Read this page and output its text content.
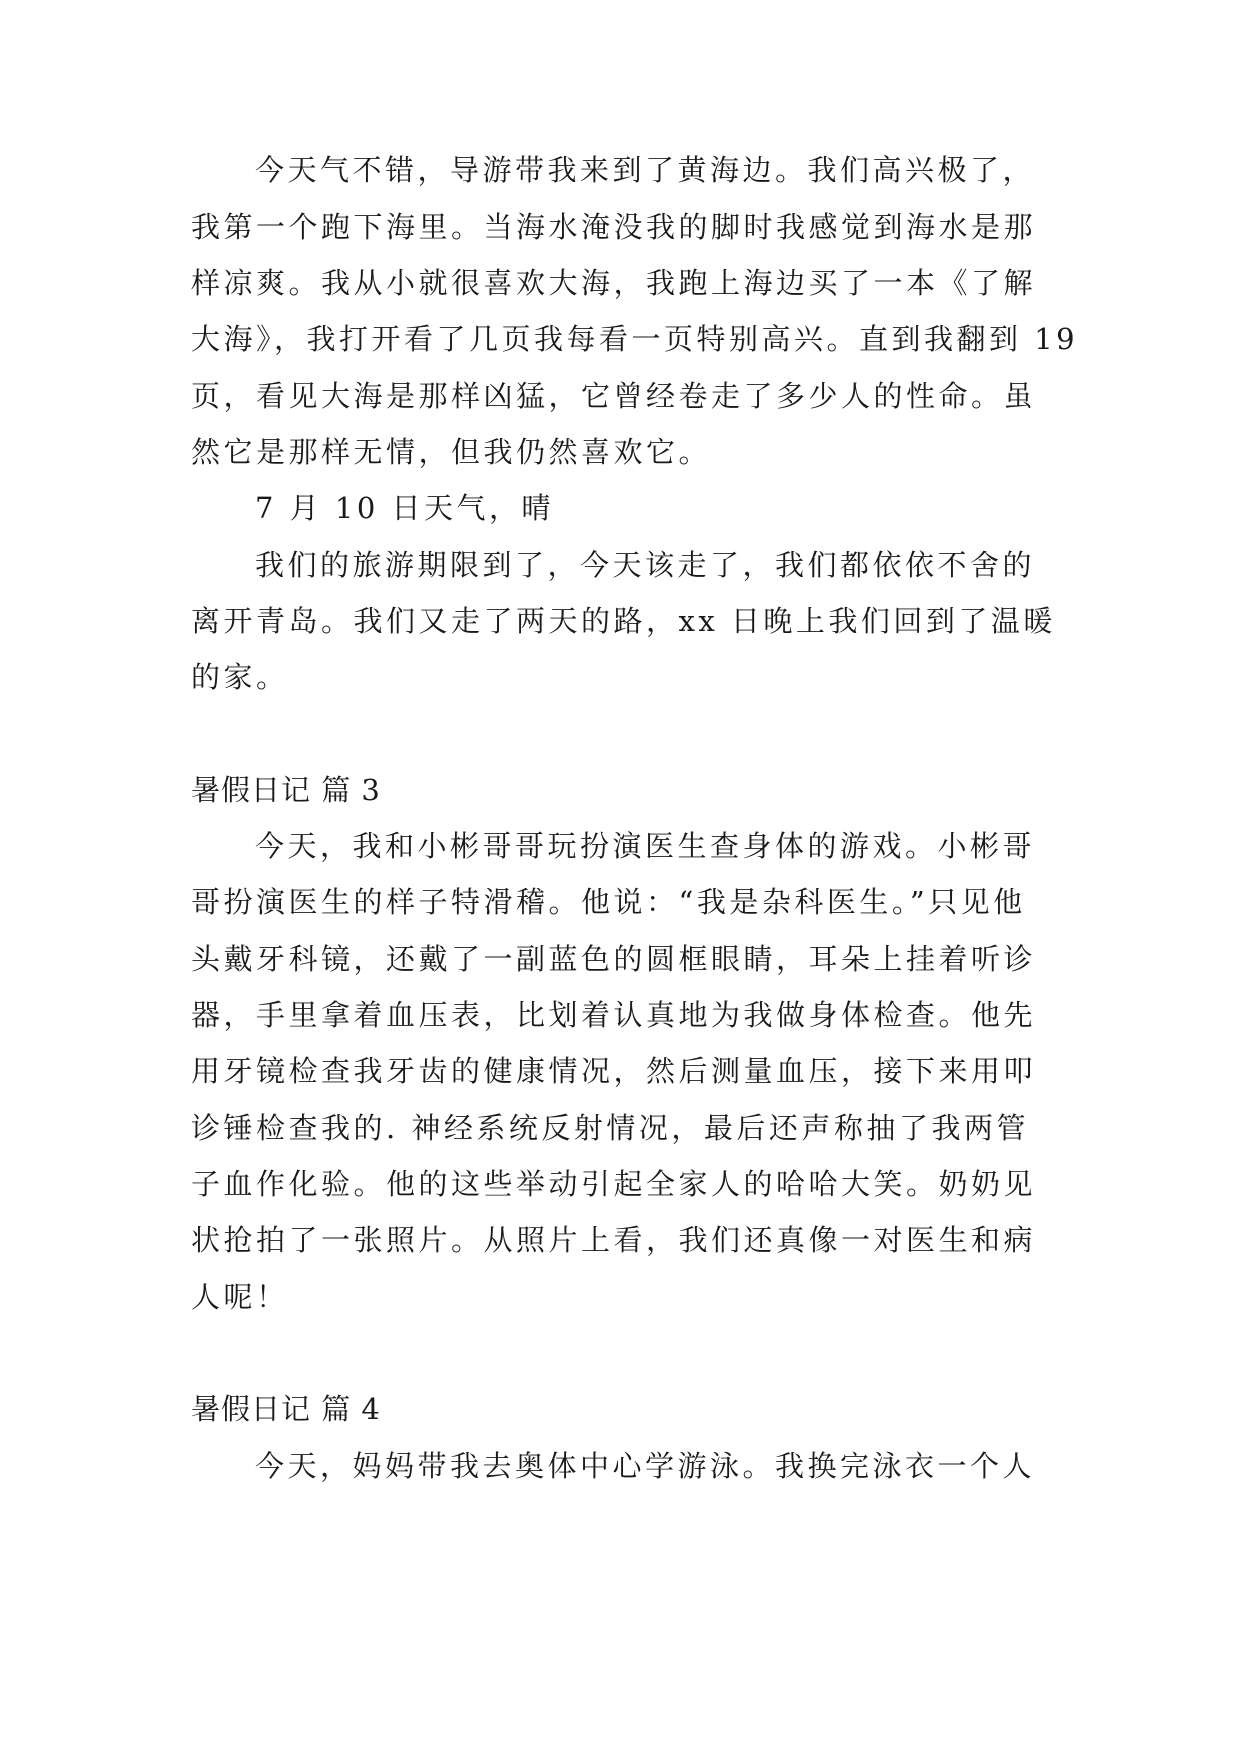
今天气不错，导游带我来到了黄海边。我们高兴极了，
我第一个跑下海里。当海水淹没我的脚时我感觉到海水是那
样凉爽。我从小就很喜欢大海，我跑上海边买了一本《了解
大海》，我打开看了几页我每看一页特别高兴。直到我翻到 19
页，看见大海是那样凶猛，它曾经卷走了多少人的性命。虽
然它是那样无情，但我仍然喜欢它。
7 月 10 日天气，晴
我们的旅游期限到了，今天该走了，我们都依依不舍的
离开青岛。我们又走了两天的路，xx 日晚上我们回到了温暖
的家。
暑假日记 篇 3
今天，我和小彬哥哥玩扮演医生查身体的游戏。小彬哥
哥扮演医生的样子特滑稽。他说：“我是杂科医生。”只见他
头戴牙科镜，还戴了一副蓝色的圆框眼睛，耳朵上挂着听诊
器，手里拿着血压表，比划着认真地为我做身体检查。他先
用牙镜检查我牙齿的健康情况，然后测量血压，接下来用叩
诊锤检查我的. 神经系统反射情况，最后还声称抽了我两管
子血作化验。他的这些举动引起全家人的哈哈大笑。奶奶见
状抢拍了一张照片。从照片上看，我们还真像一对医生和病
人呢！
暑假日记 篇 4
今天，妈妈带我去奥体中心学游泳。我换完泳衣一个人
